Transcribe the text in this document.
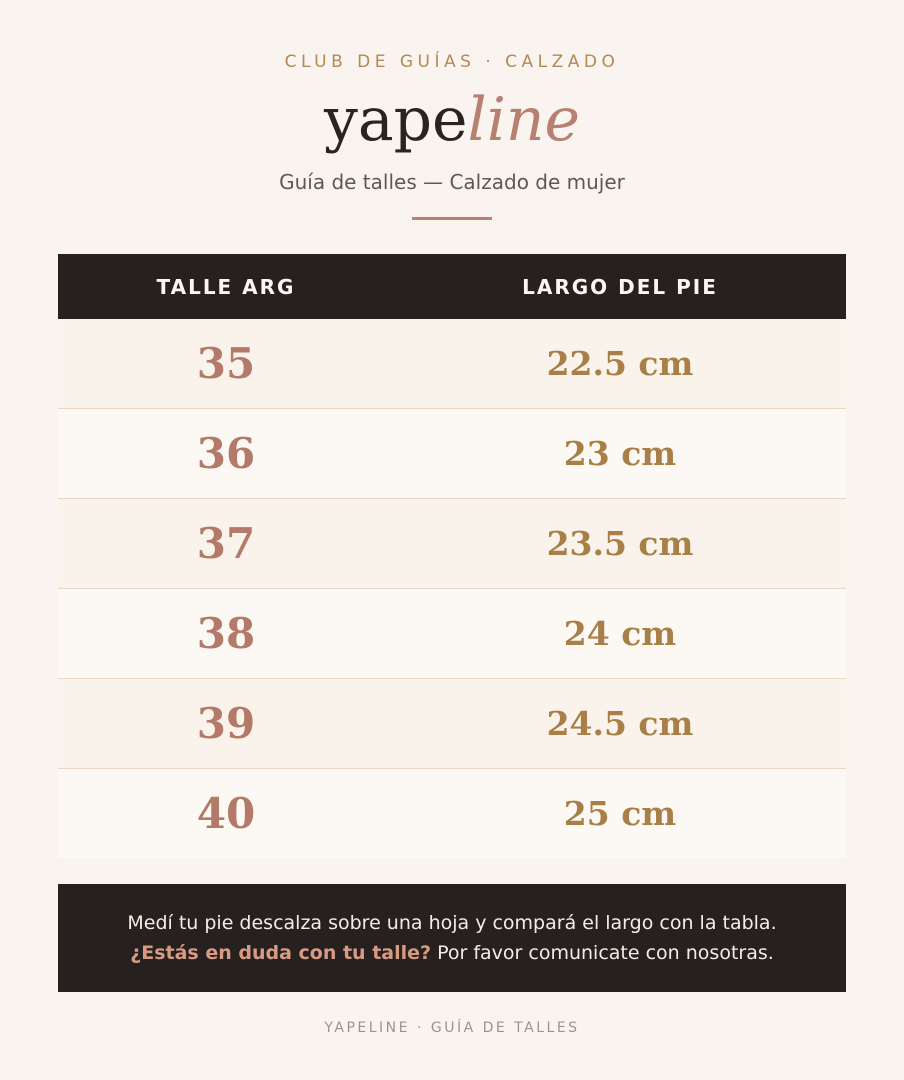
CLUB DE GUÍAS · CALZADO
yapeline
Guía de talles — Calzado de mujer
TALLE ARG	LARGO DEL PIE
35	22.5 cm
36	23 cm
37	23.5 cm
38	24 cm
39	24.5 cm
40	25 cm
Medí tu pie descalza sobre una hoja y compará el largo con la tabla.
¿Estás en duda con tu talle? Por favor comunicate con nosotras.
YAPELINE · GUÍA DE TALLES
